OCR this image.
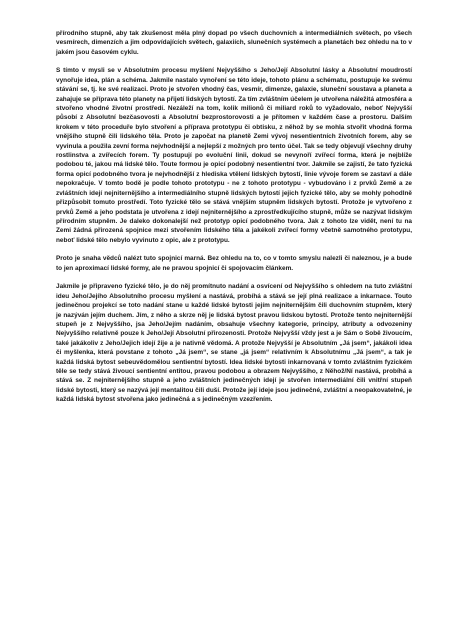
přírodního stupně, aby tak zkušenost měla plný dopad po všech duchovních a intermediálních světech, po všech vesmírech, dimenzích a jim odpovídajících světech, galaxiích, slunečních systémech a planetách bez ohledu na to v jakém jsou časovém cyklu.

S tímto v mysli se v Absolutním procesu myšlení Nejvyššího s Jeho/Její Absolutní lásky a Absolutní moudrostí vynořuje idea, plán a schéma. Jakmile nastalo vynoření se této ideje, tohoto plánu a schématu, postupuje ke svému stávání se, tj. ke své realizaci. Proto je stvořen vhodný čas, vesmír, dimenze, galaxie, sluneční soustava a planeta a zahajuje se příprava této planety na přijetí lidských bytostí. Za tím zvláštním účelem je utvořena náležitá atmosféra a stvořeno vhodné životní prostředí. Nezáleží na tom, kolik milionů či miliard roků to vyžadovalo, neboť Nejvyšší působí z Absolutní bezčasovosti a Absolutní bezprostorovosti a je přítomen v každém čase a prostoru. Dalším krokem v této proceduře bylo stvoření a příprava prototypu či obtisku, z něhož by se mohla stvořit vhodná forma vnějšího stupně čili lidského těla. Proto je započat na planetě Zemi vývoj nesentientních životních forem, aby se vyvinula a použila zevní forma nejvhodnější a nejlepší z možných pro tento účel. Tak se tedy objevují všechny druhy rostlinstva a zvířecích forem. Ty postupují po evoluční linii, dokud se nevynoří zvířecí forma, která je nejblíže podobou té, jakou má lidské tělo. Toute formou je opicí podobný nesentientní tvor. Jakmile se zajistí, že tato fyzická forma opicí podobného tvora je nejvhodnější z hlediska vtělení lidských bytostí, linie vývoje forem se zastaví a dále nepokračuje. V tomto bodě je podle tohoto prototypu - ne z tohoto prototypu - vybudováno i z prvků Země a ze zvláštních idejí nejniternějšího a intermediálního stupně lidských bytostí jejich fyzické tělo, aby se mohly pohodlně přizpůsobit tomuto prostředí. Toto fyzické tělo se stává vnějším stupněm lidských bytostí. Protože je vytvořeno z prvků Země a jeho podstata je utvořena z idejí nejniternějšího a zprostředkujícího stupně, může se nazývat lidským přírodním stupněm. Je dalekо dokonalejší než prototyp opicí podobného tvora. Jak z tohoto lze vidět, není tu na Zemi žádná přirozená spojnice mezi stvořením lidského těla a jakékoli zvířecí formy včetně samotného prototypu, neboť lidské tělo nebylo vyvinuto z opic, ale z prototypu.

Proto je snaha vědců nalézt tuto spojnicí marná. Bez ohledu na to, co v tomto smyslu nalezli či naleznou, je a bude to jen aproximací lidské formy, ale ne pravou spojnicí či spojovacím článkem.

Jakmile je připraveno fyzické tělo, je do něj promítnuto nadání a osvícení od Nejvyššího s ohledem na tuto zvláštní ideu Jeho/Jejího Absolutního procesu myšlení a nastává, probíhá a stává se její plná realizace a inkarnace. Touto jedinečnou projekcí se toto nadání stane u každé lidské bytosti jejím nejniternějším čili duchovním stupněm, který je nazýván jejím duchem. Jím, z něho a skrze něj je lidská bytost pravou lidskou bytostí. Protože tento nejniternější stupeň je z Nejvyššího, jsa Jeho/Jejím nadáním, obsahuje všechny kategorie, principy, atributy a odvozeniny Nejvyššího relativně pouze k Jeho/Její Absolutní přirozenosti. Protože Nejvyšší vždy jest a je Sám o Sobě živoucím, také jakákoliv z Jeho/Jejich idejí žije a je nativně vědomá. A protože Nejvyšší je Absolutním „Já jsem“, jakákoli idea či myšlenka, která povstane z tohoto „Já jsem“, se stane „já jsem“ relativním k Absolutnímu „Já jsem“, a tak je každá lidská bytost sebeuvědomělou sentientní bytostí. Idea lidské bytosti inkarnovaná v tomto zvláštním fyzickém těle se tedy stává živoucí sentientní entitou, pravou podobou a obrazem Nejvyššího, z Něhož/Ní nastává, probíhá a stává se. Z nejniternějšího stupně a jeho zvláštních jedinečných idejí je stvořen intermediální čili vnitřní stupeň lidské bytosti, který se nazývá její mentalitou čili duší. Protože její ideje jsou jedinečné, zvláštní a neopakovatelné, je každá lidská bytost stvořena jako jedinečná a s jedinečným vzezřením.
